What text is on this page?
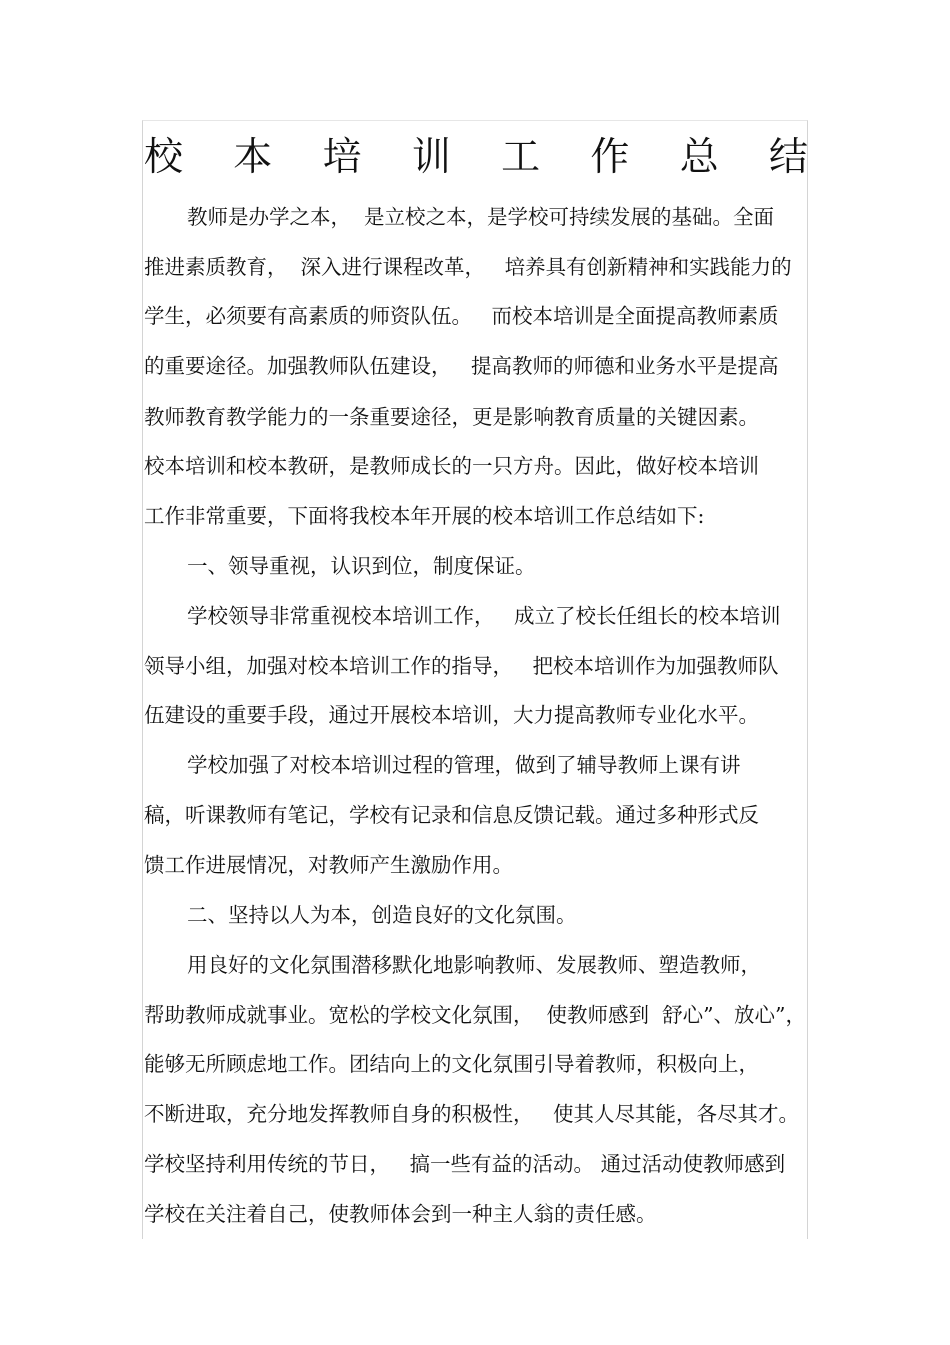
校 本 培 训 工 作 总 结
教师是办学之本，  是立校之本，是学校可持续发展的基础。全面
推进素质教育，  深入进行课程改革，   培养具有创新精神和实践能力的
学生，必须要有高素质的师资队伍。   而校本培训是全面提高教师素质
的重要途径。加强教师队伍建设，   提高教师的师德和业务水平是提高
教师教育教学能力的一条重要途径，更是影响教育质量的关键因素。
校本培训和校本教研，是教师成长的一只方舟。因此，做好校本培训
工作非常重要，下面将我校本年开展的校本培训工作总结如下:
一、领导重视，认识到位，制度保证。
学校领导非常重视校本培训工作，   成立了校长任组长的校本培训
领导小组，加强对校本培训工作的指导，   把校本培训作为加强教师队
伍建设的重要手段，通过开展校本培训，大力提高教师专业化水平。
学校加强了对校本培训过程的管理，做到了辅导教师上课有讲
稿，听课教师有笔记，学校有记录和信息反馈记载。通过多种形式反
馈工作进展情况，对教师产生激励作用。
二、坚持以人为本，创造良好的文化氛围。
用良好的文化氛围潜移默化地影响教师、发展教师、塑造教师，
帮助教师成就事业。宽松的学校文化氛围，  使教师感到  舒心”、放心”，
能够无所顾虑地工作。团结向上的文化氛围引导着教师，积极向上，
不断进取，充分地发挥教师自身的积极性，   使其人尽其能，各尽其才。
学校坚持利用传统的节日，   搞一些有益的活动。 通过活动使教师感到
学校在关注着自己，使教师体会到一种主人翁的责任感。
